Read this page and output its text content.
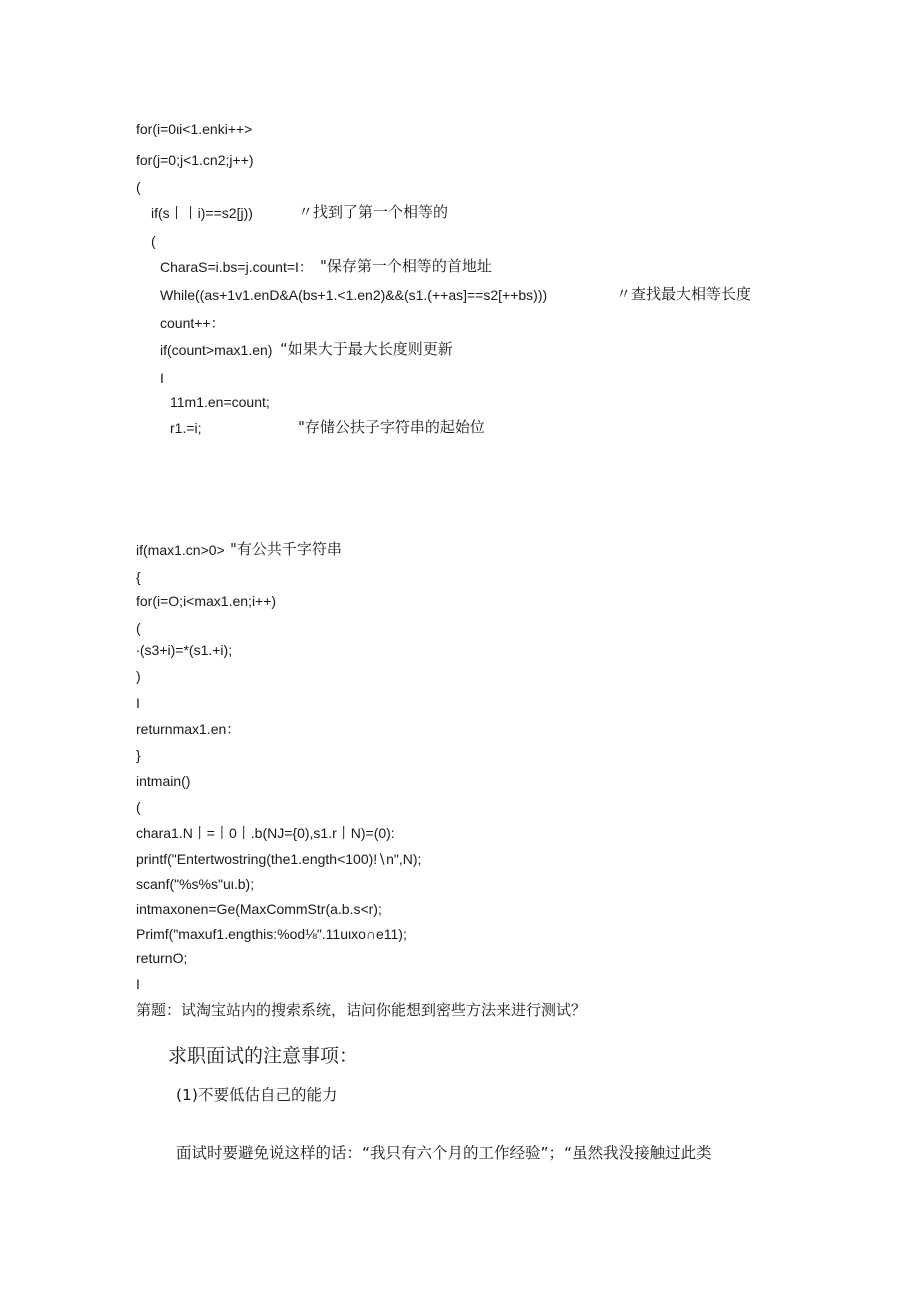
for(i=0ιi<1.enki++>
for(j=0;j<1.cn2;j++)
(
if(s丨丨i)==s2[j))	〃找到了第一个相等的
(
CharaS=i.bs=j.count=I： "保存第一个相等的首地址
While((as+1v1.enD&A(bs+1.<1.en2)&&(s1.(++as]==s2[++bs)))	〃查找最大相等长度
count++：
if(count>max1.en) “如果大于最大长度则更新
I
11m1.en=count;
r1.=i;	"存储公扶子字符串的起始位
if(max1.cn>0> "有公共千字符串
{
for(i=O;i<max1.en;i++)
(
∙(s3+i)=*(s1.+i);
)
I
returnmax1.en：
}
intmain()
(
chara1.N丨=丨0丨.b(NJ={0),s1.r丨N)=(0):
printf("Entertwostring(the1.ength<100)!∖n",N);
scanf("%s%s"uι.b);
intmaxonen=Ge(MaxCommStr(a.b.s<r);
Primf("maxuf1.engthis:%od⅛".11uιxo∩e11);
returnO;
I
第题：试淘宝站内的搜索系统，诘问你能想到密些方法来进行测试？
求职面试的注意事项：
(1)不要低估自己的能力
面试时要避免说这样的话：“我只有六个月的工作经验”；“虽然我没接触过此类
